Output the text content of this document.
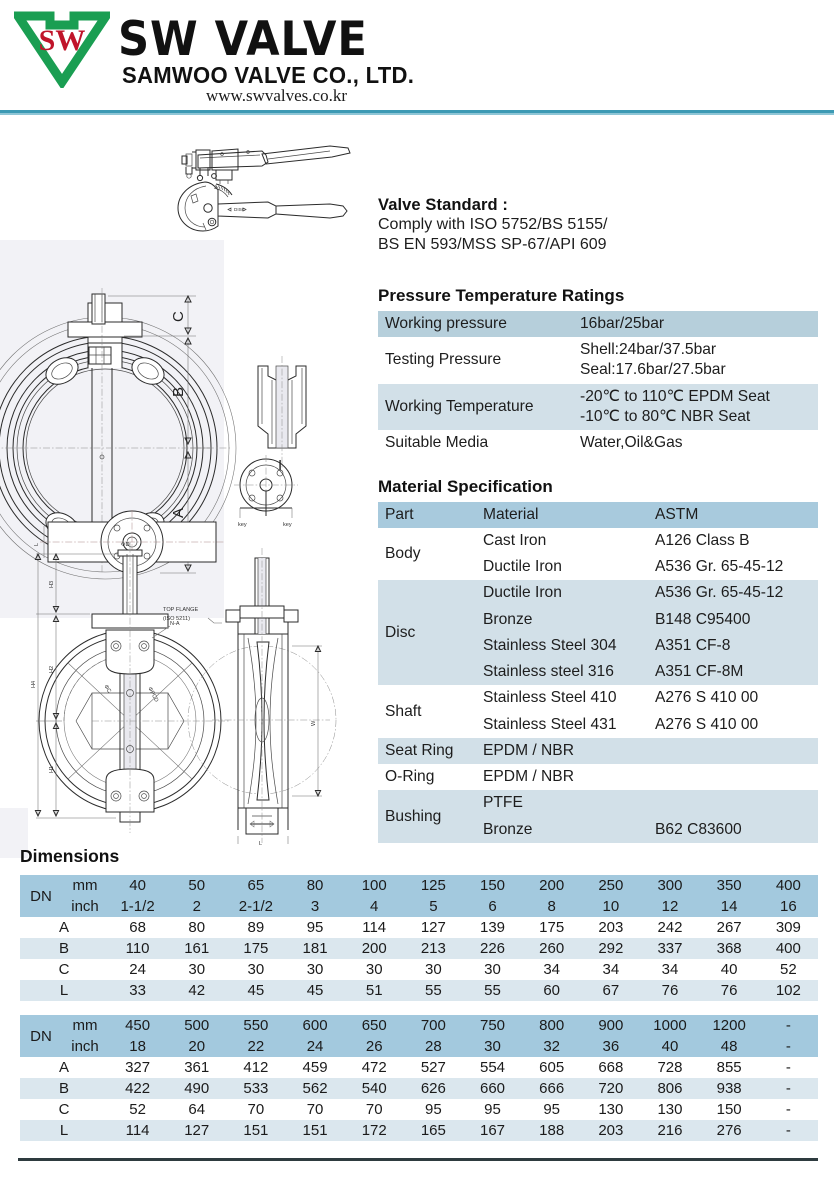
SW SW VALVE
SAMWOO VALVE CO., LTD.
www.swvalves.co.kr
DISC
C
B
A
I
key	key
L
H3
H2
H1
H4
ΦD
N-A
ΦPCD
ΦC
W
L
TOP FLANGE
(ISO 5211)
Valve Standard :
Comply with ISO 5752/BS 5155/
BS EN 593/MSS SP-67/API 609
Pressure Temperature Ratings
Working pressure	16bar/25bar
Testing Pressure	Shell:24bar/37.5bar
Seal:17.6bar/27.5bar

Working Temperature	-20℃ to 110℃ EPDM Seat
-10℃ to 80℃ NBR Seat

Suitable Media	Water,Oil&Gas
Material Specification
Part	Material	ASTM
Body	Cast Iron	A126 Class B
	Ductile Iron	A536 Gr. 65-45-12
Disc	Ductile Iron	A536 Gr. 65-45-12
	Bronze	B148 C95400
	Stainless Steel 304	A351 CF-8
	Stainless steel 316	A351 CF-8M
Shaft	Stainless Steel 410	A276 S 410 00
	Stainless Steel 431	A276 S 410 00
Seat Ring	EPDM / NBR	
O-Ring	EPDM / NBR	
Bushing	PTFE	
	Bronze	B62 C83600
Dimensions
DN	mm	40	50	65	80	100	125	150	200	250	300	350	400
	inch	1-1/2	2	2-1/2	3	4	5	6	8	10	12	14	16
A		68	80	89	95	114	127	139	175	203	242	267	309
B		110	161	175	181	200	213	226	260	292	337	368	400
C		24	30	30	30	30	30	30	34	34	34	40	52
L		33	42	45	45	51	55	55	60	67	76	76	102
DN	mm	450	500	550	600	650	700	750	800	900	1000	1200	-
	inch	18	20	22	24	26	28	30	32	36	40	48	-
A		327	361	412	459	472	527	554	605	668	728	855	-
B		422	490	533	562	540	626	660	666	720	806	938	-
C		52	64	70	70	70	95	95	95	130	130	150	-
L		114	127	151	151	172	165	167	188	203	216	276	-
